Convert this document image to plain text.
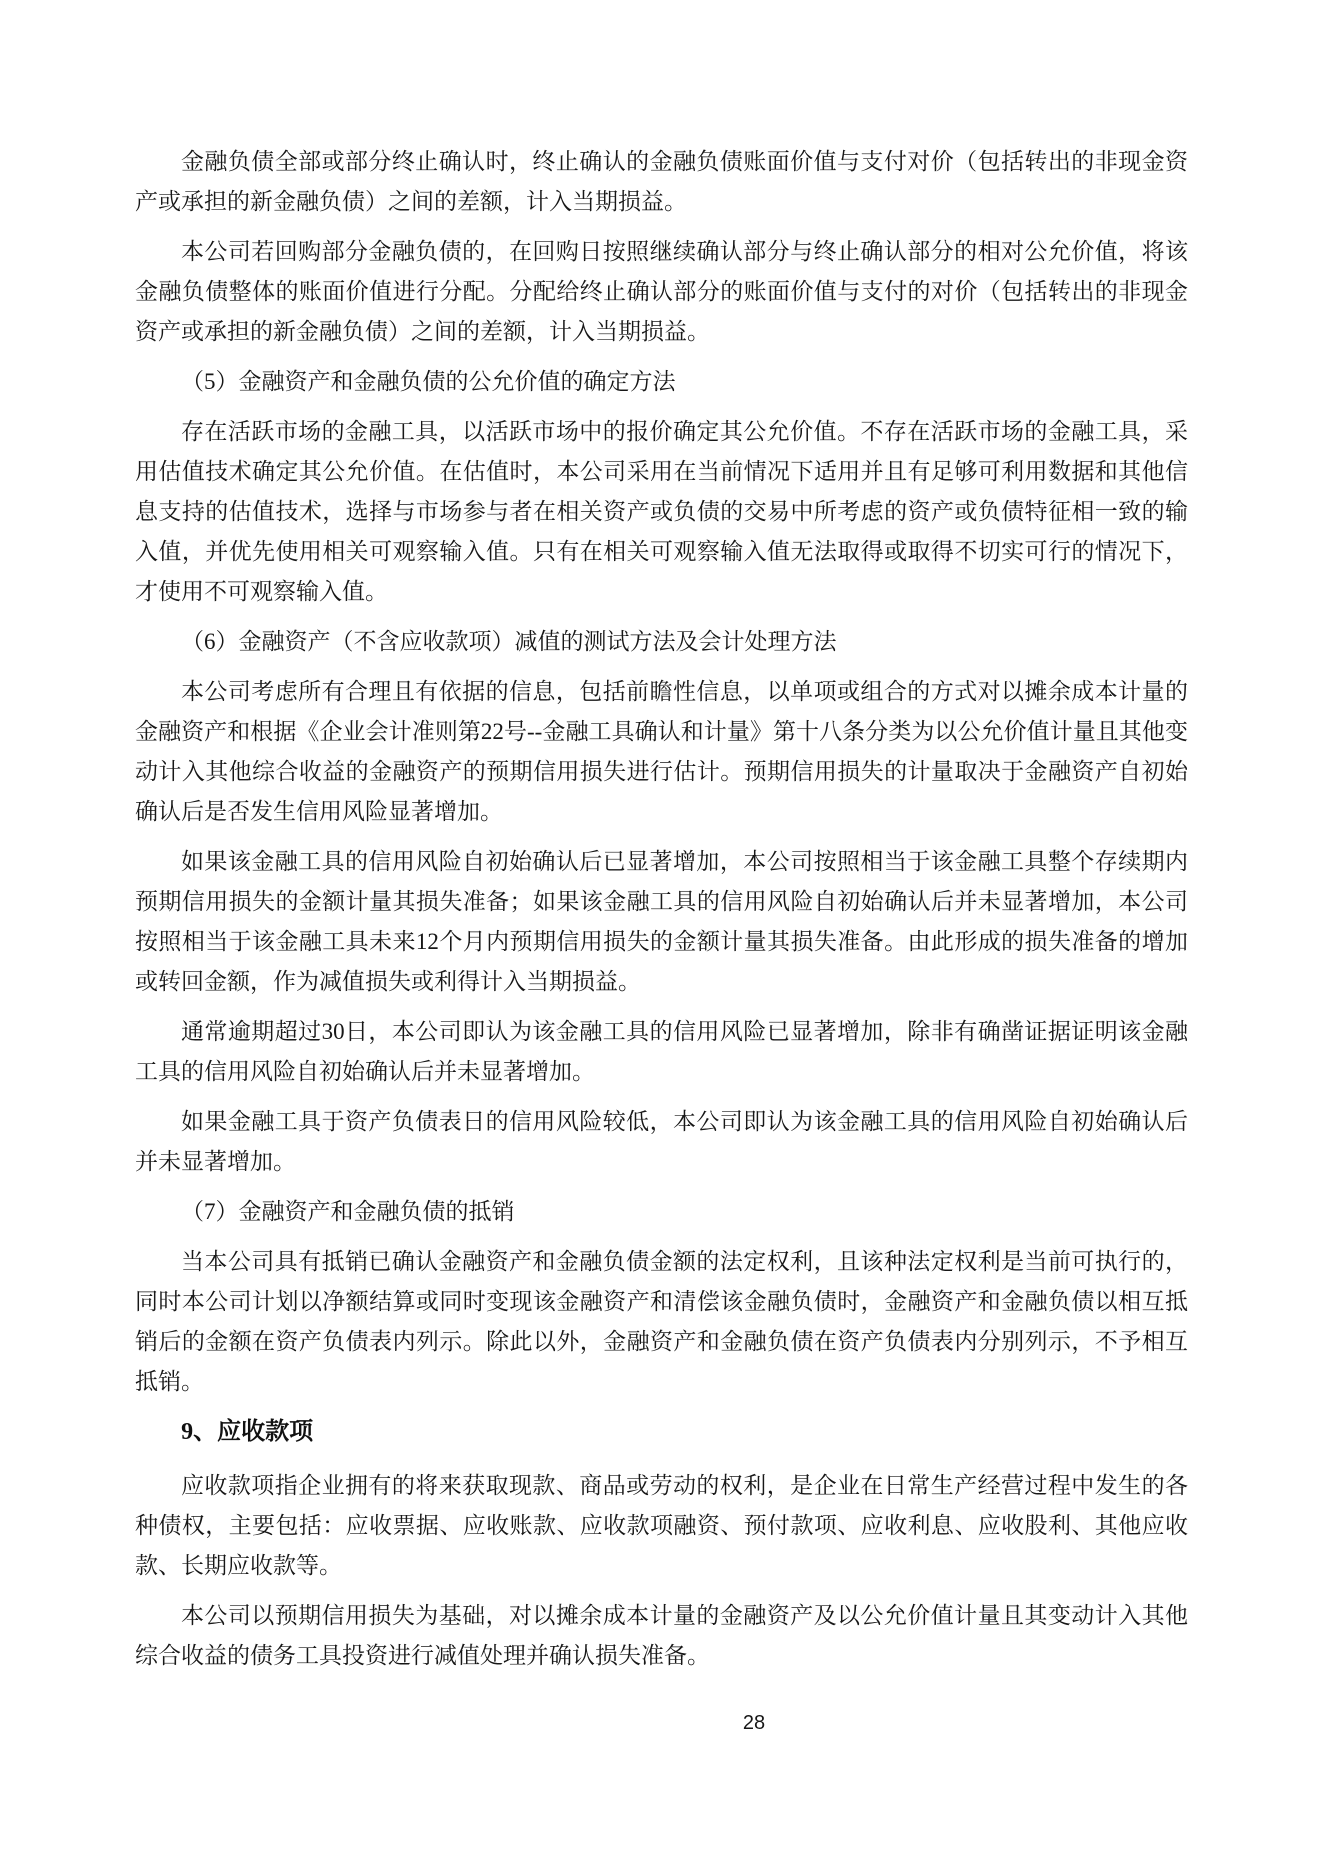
金融负债全部或部分终止确认时，终止确认的金融负债账面价值与支付对价（包括转出的非现金资产或承担的新金融负债）之间的差额，计入当期损益。

本公司若回购部分金融负债的，在回购日按照继续确认部分与终止确认部分的相对公允价值，将该金融负债整体的账面价值进行分配。分配给终止确认部分的账面价值与支付的对价（包括转出的非现金资产或承担的新金融负债）之间的差额，计入当期损益。

（5）金融资产和金融负债的公允价值的确定方法

存在活跃市场的金融工具，以活跃市场中的报价确定其公允价值。不存在活跃市场的金融工具，采用估值技术确定其公允价值。在估值时，本公司采用在当前情况下适用并且有足够可利用数据和其他信息支持的估值技术，选择与市场参与者在相关资产或负债的交易中所考虑的资产或负债特征相一致的输入值，并优先使用相关可观察输入值。只有在相关可观察输入值无法取得或取得不切实可行的情况下，才使用不可观察输入值。

（6）金融资产（不含应收款项）减值的测试方法及会计处理方法

本公司考虑所有合理且有依据的信息，包括前瞻性信息，以单项或组合的方式对以摊余成本计量的金融资产和根据《企业会计准则第22号--金融工具确认和计量》第十八条分类为以公允价值计量且其他变动计入其他综合收益的金融资产的预期信用损失进行估计。预期信用损失的计量取决于金融资产自初始确认后是否发生信用风险显著增加。

如果该金融工具的信用风险自初始确认后已显著增加，本公司按照相当于该金融工具整个存续期内预期信用损失的金额计量其损失准备；如果该金融工具的信用风险自初始确认后并未显著增加，本公司按照相当于该金融工具未来12个月内预期信用损失的金额计量其损失准备。由此形成的损失准备的增加或转回金额，作为减值损失或利得计入当期损益。

通常逾期超过30日，本公司即认为该金融工具的信用风险已显著增加，除非有确凿证据证明该金融工具的信用风险自初始确认后并未显著增加。

如果金融工具于资产负债表日的信用风险较低，本公司即认为该金融工具的信用风险自初始确认后并未显著增加。

（7）金融资产和金融负债的抵销

当本公司具有抵销已确认金融资产和金融负债金额的法定权利，且该种法定权利是当前可执行的，同时本公司计划以净额结算或同时变现该金融资产和清偿该金融负债时，金融资产和金融负债以相互抵销后的金额在资产负债表内列示。除此以外，金融资产和金融负债在资产负债表内分别列示，不予相互抵销。

9、应收款项

应收款项指企业拥有的将来获取现款、商品或劳动的权利，是企业在日常生产经营过程中发生的各种债权，主要包括：应收票据、应收账款、应收款项融资、预付款项、应收利息、应收股利、其他应收款、长期应收款等。

本公司以预期信用损失为基础，对以摊余成本计量的金融资产及以公允价值计量且其变动计入其他综合收益的债务工具投资进行减值处理并确认损失准备。

28
